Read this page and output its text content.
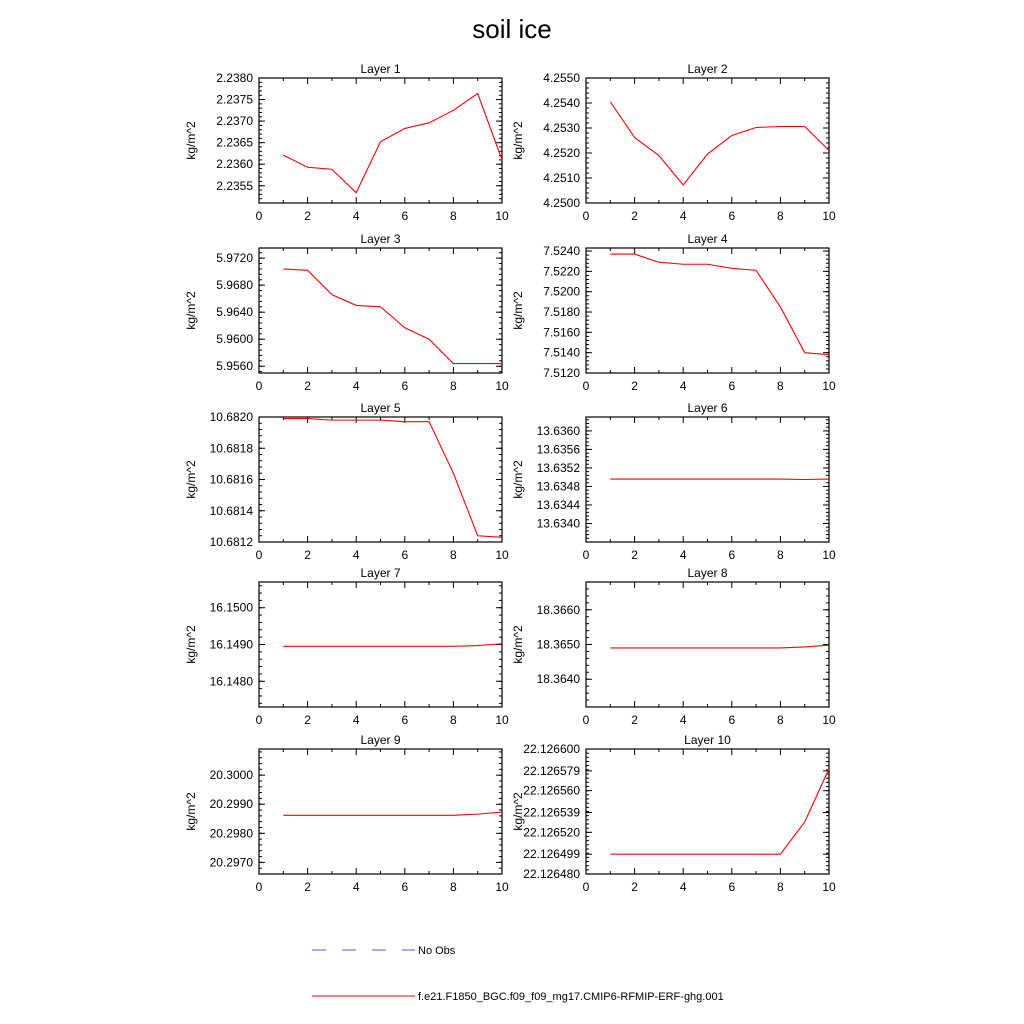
soil ice
Layer 1
0	2	4	6	8	10
2.2355
2.2360
2.2365
2.2370
2.2375
2.2380
kg/m^2
Layer 2
0	2	4	6	8	10
4.2500
4.2510
4.2520
4.2530
4.2540
4.2550
kg/m^2
Layer 3
0	2	4	6	8	10
5.9560
5.9600
5.9640
5.9680
5.9720
kg/m^2
Layer 4
0	2	4	6	8	10
7.5120
7.5140
7.5160
7.5180
7.5200
7.5220
7.5240
kg/m^2
Layer 5
0	2	4	6	8	10
10.6812
10.6814
10.6816
10.6818
10.6820
kg/m^2
Layer 6
0	2	4	6	8	10
13.6340
13.6344
13.6348
13.6352
13.6356
13.6360
kg/m^2
Layer 7
0	2	4	6	8	10
16.1480
16.1490
16.1500
kg/m^2
Layer 8
0	2	4	6	8	10
18.3640
18.3650
18.3660
kg/m^2
Layer 9
0	2	4	6	8	10
20.2970
20.2980
20.2990
20.3000
kg/m^2
Layer 10
0	2	4	6	8	10
22.126480
22.126499
22.126520
22.126539
22.126560
22.126579
22.126600
kg/m^2
No Obs
f.e21.F1850_BGC.f09_f09_mg17.CMIP6-RFMIP-ERF-ghg.001
